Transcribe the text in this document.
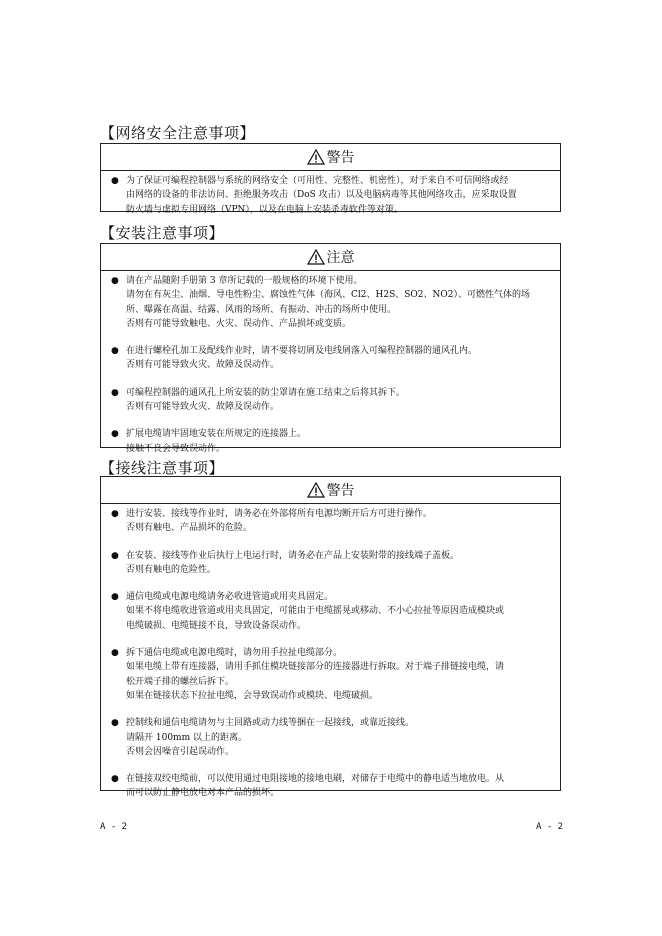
【网络安全注意事项】
警告
● 为了保证可编程控制器与系统的网络安全（可用性、完整性、机密性），对于来自不可信网络或经
由网络的设备的非法访问、拒绝服务攻击（DoS 攻击）以及电脑病毒等其他网络攻击，应采取设置
防火墙与虚拟专用网络（VPN），以及在电脑上安装杀毒软件等对策。
【安装注意事项】
注意
● 请在产品随附手册第 3 章所记载的一般规格的环境下使用。
请勿在有灰尘、油烟、导电性粉尘、腐蚀性气体（海风、Cl2、H2S、SO2、NO2）、可燃性气体的场
所、曝露在高温、结露、风雨的场所、有振动、冲击的场所中使用。
否则有可能导致触电、火灾、误动作、产品损坏或变质。
● 在进行螺栓孔加工及配线作业时，请不要将切屑及电线屑落入可编程控制器的通风孔内。
否则有可能导致火灾、故障及误动作。
● 可编程控制器的通风孔上所安装的防尘罩请在施工结束之后将其拆下。
否则有可能导致火灾、故障及误动作。
● 扩展电缆请牢固地安装在所规定的连接器上。
接触不良会导致误动作。
【接线注意事项】
警告
● 进行安装、接线等作业时，请务必在外部将所有电源均断开后方可进行操作。
否则有触电、产品损坏的危险。
● 在安装、接线等作业后执行上电运行时，请务必在产品上安装附带的接线端子盖板。
否则有触电的危险性。
● 通信电缆或电源电缆请务必收进管道或用夹具固定。
如果不将电缆收进管道或用夹具固定，可能由于电缆摇晃或移动、不小心拉扯等原因造成模块或
电缆破损、电缆链接不良，导致设备误动作。
● 拆下通信电缆或电源电缆时，请勿用手拉扯电缆部分。
如果电缆上带有连接器，请用手抓住模块链接部分的连接器进行拆取。对于端子排链接电缆，请
松开端子排的螺丝后拆下。
如果在链接状态下拉扯电缆，会导致误动作或模块、电缆破损。
● 控制线和通信电缆请勿与主回路或动力线等捆在一起接线，或靠近接线。
请隔开 100mm 以上的距离。
否则会因噪音引起误动作。
● 在链接双绞电缆前，可以使用通过电阻接地的接地电刷，对储存于电缆中的静电适当地放电。从
而可以防止静电放电对本产品的损坏。
A - 2	A - 2
